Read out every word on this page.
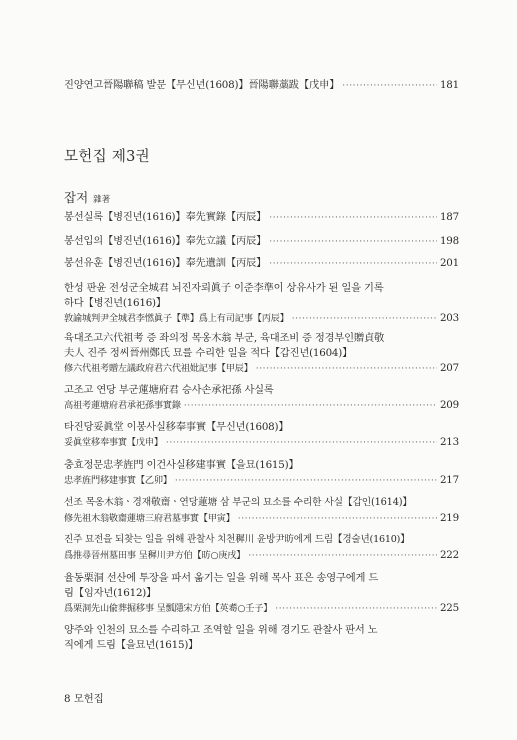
진양연고晉陽聯稿 발문【무신년(1608)】晉陽聯藁跋【戊申】 ·····	181
모헌집 제3권
잡저 雜著
봉선실록【병진년(1616)】奉先實錄【丙辰】 ·····	187
봉선입의【병진년(1616)】奉先立議【丙辰】 ·····	198
봉선유훈【병진년(1616)】奉先遺訓【丙辰】 ·····	201
한성 판윤 전성군全城君 뇌진자뢰眞子 이준李準이 상유사가 된 일을 기록
하다【병진년(1616)】
敦諭城判尹全城君李㦓眞子【準】爲上有司記事【丙辰】 ·····	203
육대조고六代祖考 증 좌의정 목옹木翁 부군, 육대조비 증 정경부인贈貞敬
夫人 진주 정씨晉州鄭氏 묘를 수리한 일을 적다【갑진년(1604)】
修六代祖考贈左議政府君六代祖妣記事【甲辰】 ·····	207
고조고 연당 부군蓮塘府君 승사손承祀孫 사실록
高祖考蓮塘府君承祀孫事實錄 ·····	209
타진당妥眞堂 이봉사실移奉事實【무신년(1608)】
妥眞堂移奉事實【戊申】 ·····	213
충효정문忠孝旌門 이건사실移建事實【을묘(1615)】
忠孝旌門移建事實【乙卯】 ·····	217
선조 목옹木翁ㆍ경재敬齋ㆍ연당蓮塘 삼 부군의 묘소를 수리한 사실【갑인(1614)】
修先祖木翁敬齋蓮塘三府君墓事實【甲寅】 ·····	219
진주 묘전을 되찾는 일을 위해 관찰사 치천穉川 윤방尹昉에게 드림【경술년(1610)】
爲推尋晉州墓田事 呈穉川尹方伯【昉○庚戌】 ·····	222
율동栗洞 선산에 투장을 파서 옮기는 일을 위해 목사 표은 송영구에게 드
림【임자년(1612)】
爲栗洞先山偸葬掘移事 呈瓢隱宋方伯【英耈○壬子】 ·····	225
양주와 인천의 묘소를 수리하고 조역할 일을 위해 경기도 관찰사 판서 노
직에게 드림【을묘년(1615)】
8 모헌집
